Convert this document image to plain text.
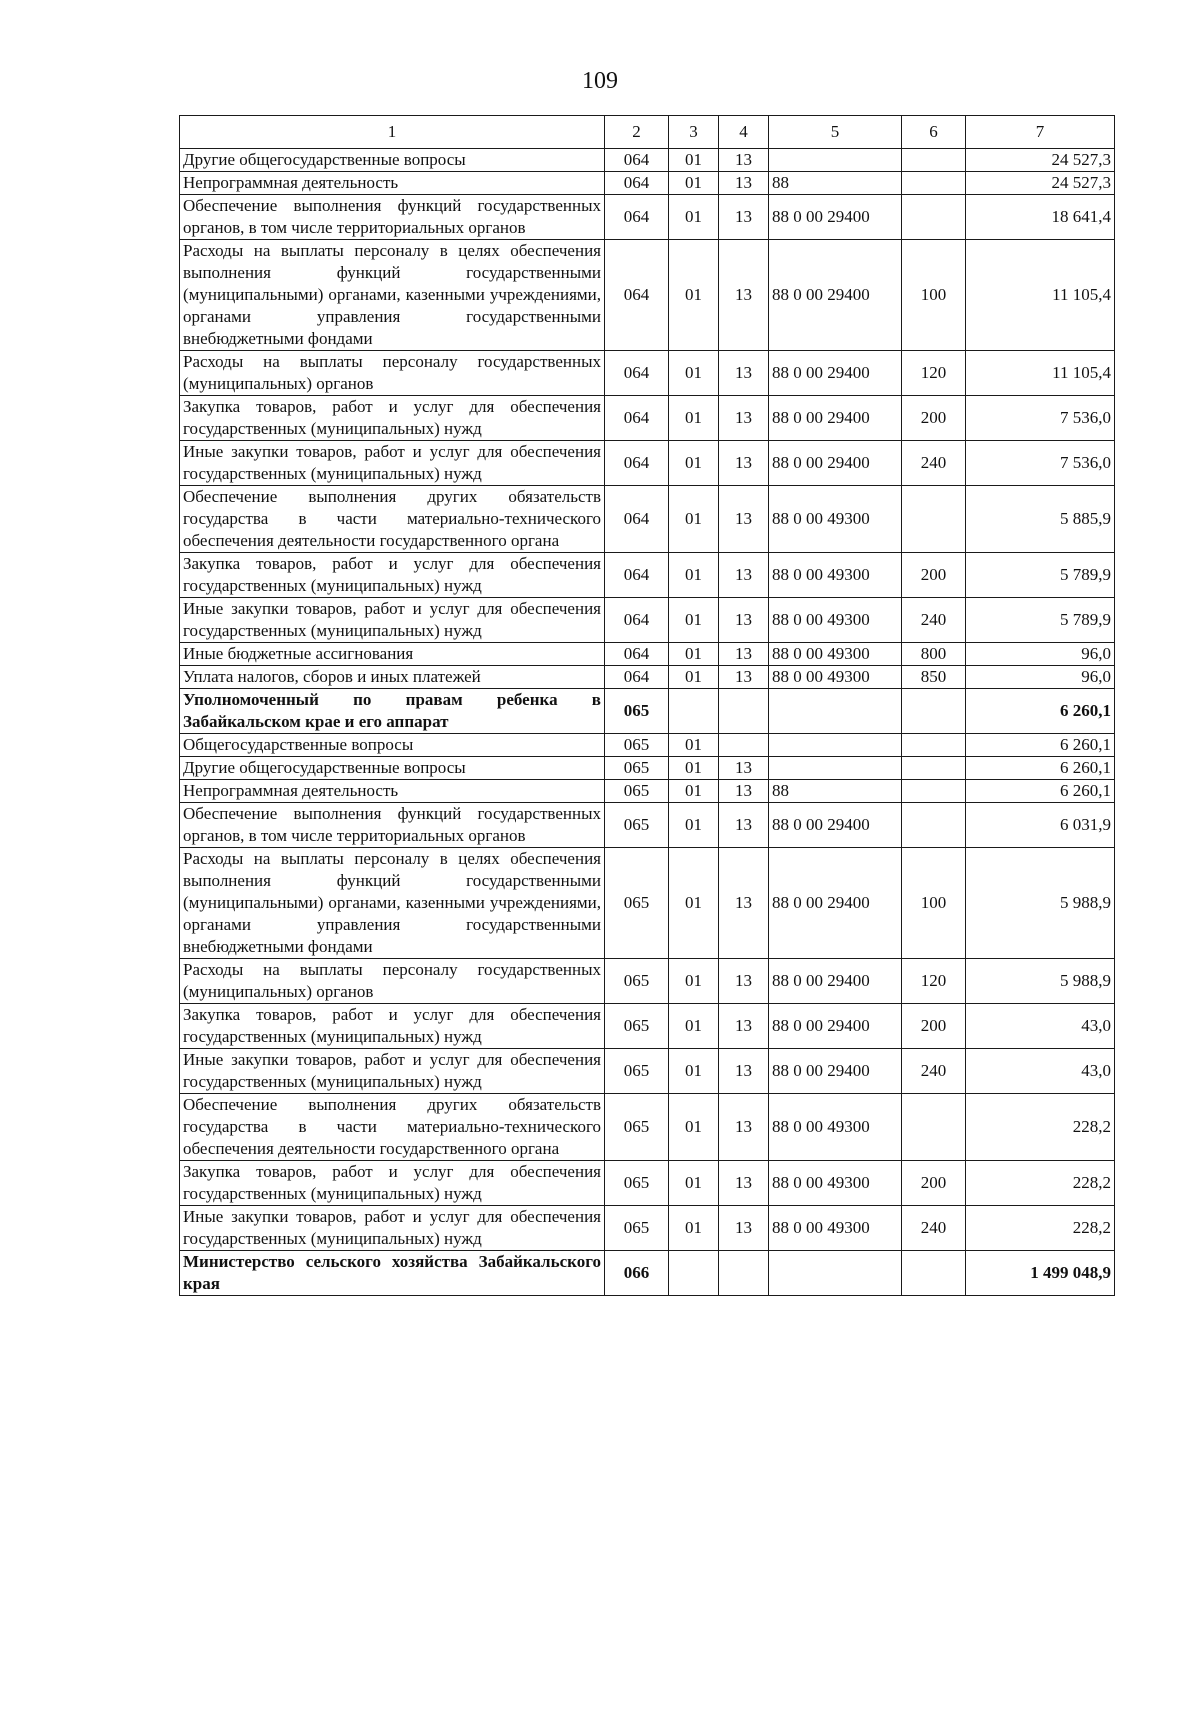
109
1	2	3	4	5	6	7
Другие общегосударственные вопросы	064	01	13			24 527,3
Непрограммная деятельность	064	01	13	88		24 527,3
Обеспечение выполнения функций государственных органов, в том числе территориальных органов	064	01	13	88 0 00 29400		18 641,4
Расходы на выплаты персоналу в целях обеспечения выполнения функций государственными (муниципальными) органами, казенными учреждениями, органами управления государственными внебюджетными фондами	064	01	13	88 0 00 29400	100	11 105,4
Расходы на выплаты персоналу государственных (муниципальных) органов	064	01	13	88 0 00 29400	120	11 105,4
Закупка товаров, работ и услуг для обеспечения государственных (муниципальных) нужд	064	01	13	88 0 00 29400	200	7 536,0
Иные закупки товаров, работ и услуг для обеспечения государственных (муниципальных) нужд	064	01	13	88 0 00 29400	240	7 536,0
Обеспечение выполнения других обязательств государства в части материально-технического обеспечения деятельности государственного органа	064	01	13	88 0 00 49300		5 885,9
Закупка товаров, работ и услуг для обеспечения государственных (муниципальных) нужд	064	01	13	88 0 00 49300	200	5 789,9
Иные закупки товаров, работ и услуг для обеспечения государственных (муниципальных) нужд	064	01	13	88 0 00 49300	240	5 789,9
Иные бюджетные ассигнования	064	01	13	88 0 00 49300	800	96,0
Уплата налогов, сборов и иных платежей	064	01	13	88 0 00 49300	850	96,0
Уполномоченный по правам ребенка в Забайкальском крае и его аппарат	065					6 260,1
Общегосударственные вопросы	065	01				6 260,1
Другие общегосударственные вопросы	065	01	13			6 260,1
Непрограммная деятельность	065	01	13	88		6 260,1
Обеспечение выполнения функций государственных органов, в том числе территориальных органов	065	01	13	88 0 00 29400		6 031,9
Расходы на выплаты персоналу в целях обеспечения выполнения функций государственными (муниципальными) органами, казенными учреждениями, органами управления государственными внебюджетными фондами	065	01	13	88 0 00 29400	100	5 988,9
Расходы на выплаты персоналу государственных (муниципальных) органов	065	01	13	88 0 00 29400	120	5 988,9
Закупка товаров, работ и услуг для обеспечения государственных (муниципальных) нужд	065	01	13	88 0 00 29400	200	43,0
Иные закупки товаров, работ и услуг для обеспечения государственных (муниципальных) нужд	065	01	13	88 0 00 29400	240	43,0
Обеспечение выполнения других обязательств государства в части материально-технического обеспечения деятельности государственного органа	065	01	13	88 0 00 49300		228,2
Закупка товаров, работ и услуг для обеспечения государственных (муниципальных) нужд	065	01	13	88 0 00 49300	200	228,2
Иные закупки товаров, работ и услуг для обеспечения государственных (муниципальных) нужд	065	01	13	88 0 00 49300	240	228,2
Министерство сельского хозяйства Забайкальского края	066					1 499 048,9
